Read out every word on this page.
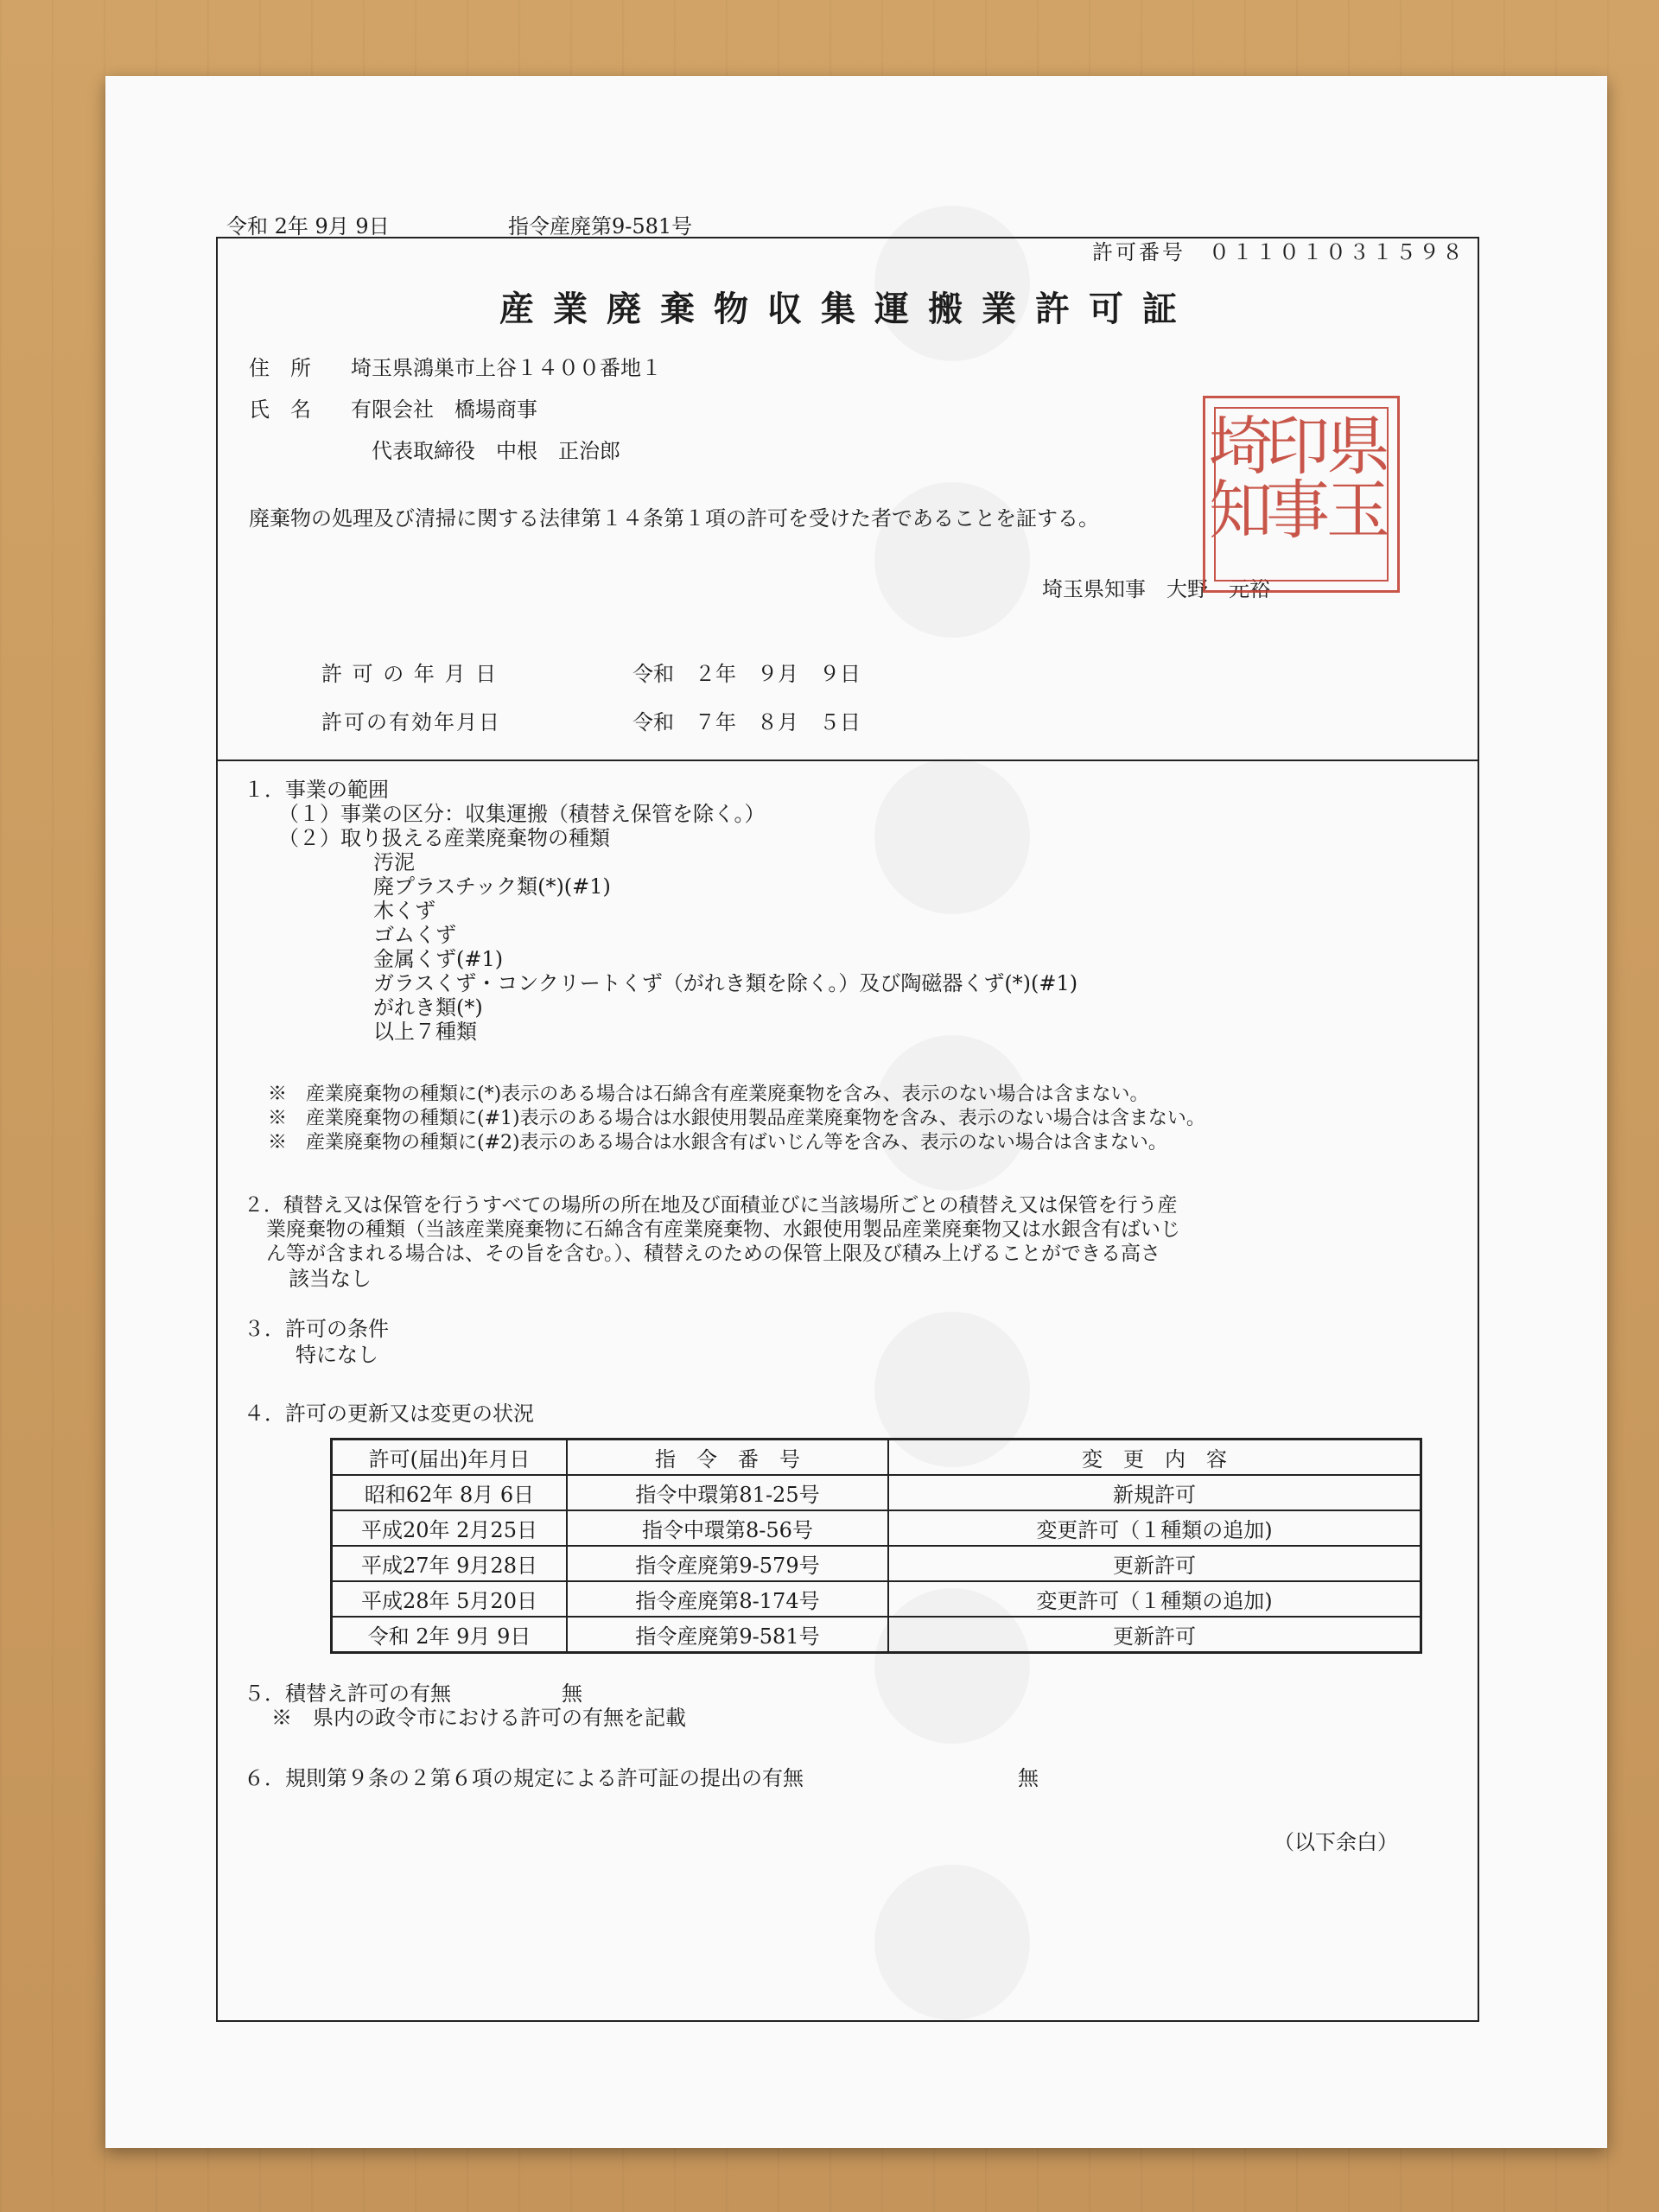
令和 2年 9月 9日	指令産廃第9-581号
許可番号　０１１０１０３１５９８
産業廃棄物収集運搬業許可証
住　所 埼玉県鴻巣市上谷１４００番地１
氏　名 有限会社　橋場商事
代表取締役　中根　正治郎
廃棄物の処理及び清掃に関する法律第１４条第１項の許可を受けた者であることを証する。
埼玉県知事　大野　元裕
許 可 の 年 月 日	令和　２年　９月　９日
許可の有効年月日	令和　７年　８月　５日
県玉
印事
埼知
１．事業の範囲
（１）事業の区分：収集運搬（積替え保管を除く。）
（２）取り扱える産業廃棄物の種類
汚泥
廃プラスチック類(*)(#1)
木くず
ゴムくず
金属くず(#1)
ガラスくず・コンクリートくず（がれき類を除く。）及び陶磁器くず(*)(#1)
がれき類(*)
以上７種類
※　産業廃棄物の種類に(*)表示のある場合は石綿含有産業廃棄物を含み、表示のない場合は含まない。
※　産業廃棄物の種類に(#1)表示のある場合は水銀使用製品産業廃棄物を含み、表示のない場合は含まない。
※　産業廃棄物の種類に(#2)表示のある場合は水銀含有ばいじん等を含み、表示のない場合は含まない。
２．積替え又は保管を行うすべての場所の所在地及び面積並びに当該場所ごとの積替え又は保管を行う産
業廃棄物の種類（当該産業廃棄物に石綿含有産業廃棄物、水銀使用製品産業廃棄物又は水銀含有ばいじ
ん等が含まれる場合は、その旨を含む。）、積替えのための保管上限及び積み上げることができる高さ
該当なし
３．許可の条件
特になし
４．許可の更新又は変更の状況
許可(届出)年月日	指　令　番　号	変　更　内　容
昭和62年 8月 6日	指令中環第81-25号	新規許可
平成20年 2月25日	指令中環第8-56号	変更許可（１種類の追加)
平成27年 9月28日	指令産廃第9-579号	更新許可
平成28年 5月20日	指令産廃第8-174号	変更許可（１種類の追加)
令和 2年 9月 9日	指令産廃第9-581号	更新許可
５．積替え許可の有無	無
※　県内の政令市における許可の有無を記載
６．規則第９条の２第６項の規定による許可証の提出の有無	無
（以下余白）
